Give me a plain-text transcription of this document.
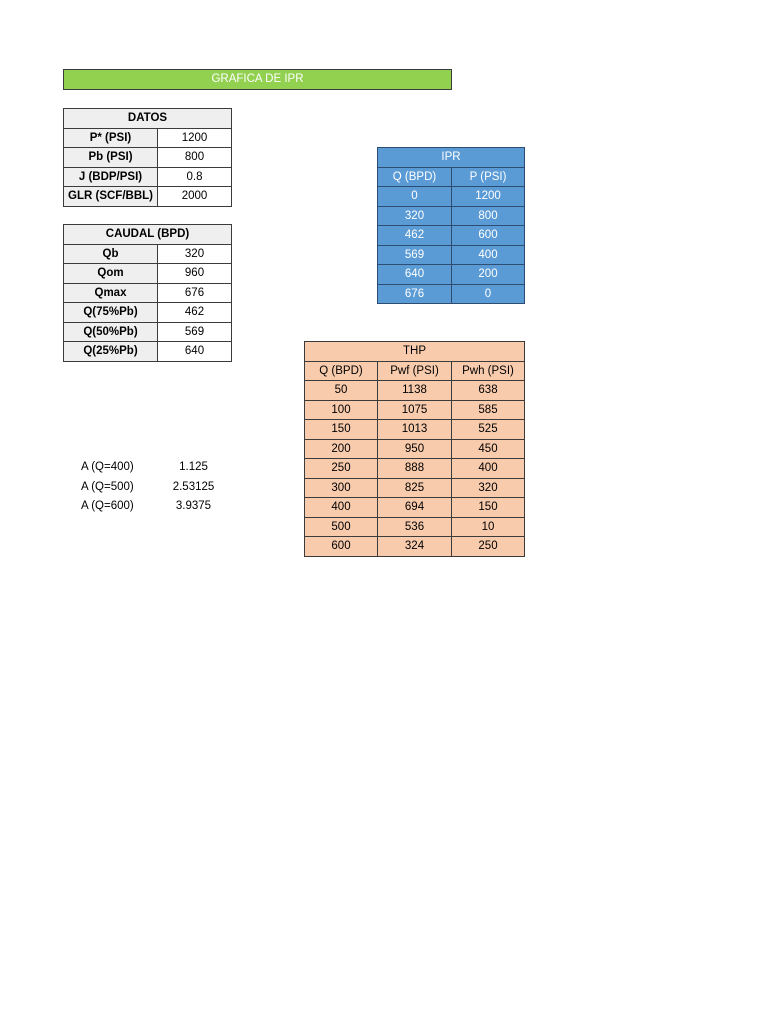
GRAFICA DE IPR
DATOS	
P* (PSI)	1200
Pb (PSI)	800
J (BDP/PSI)	0.8
GLR (SCF/BBL)	2000
CAUDAL (BPD)	
Qb	320
Qom	960
Qmax	676
Q(75%Pb)	462
Q(50%Pb)	569
Q(25%Pb)	640
IPR	
Q (BPD)	P (PSI)
0	1200
320	800
462	600
569	400
640	200
676	0
THP		
Q (BPD)	Pwf (PSI)	Pwh (PSI)
50	1138	638
100	1075	585
150	1013	525
200	950	450
250	888	400
300	825	320
400	694	150
500	536	10
600	324	250
A (Q=400)	1.125
A (Q=500)	2.53125
A (Q=600)	3.9375
